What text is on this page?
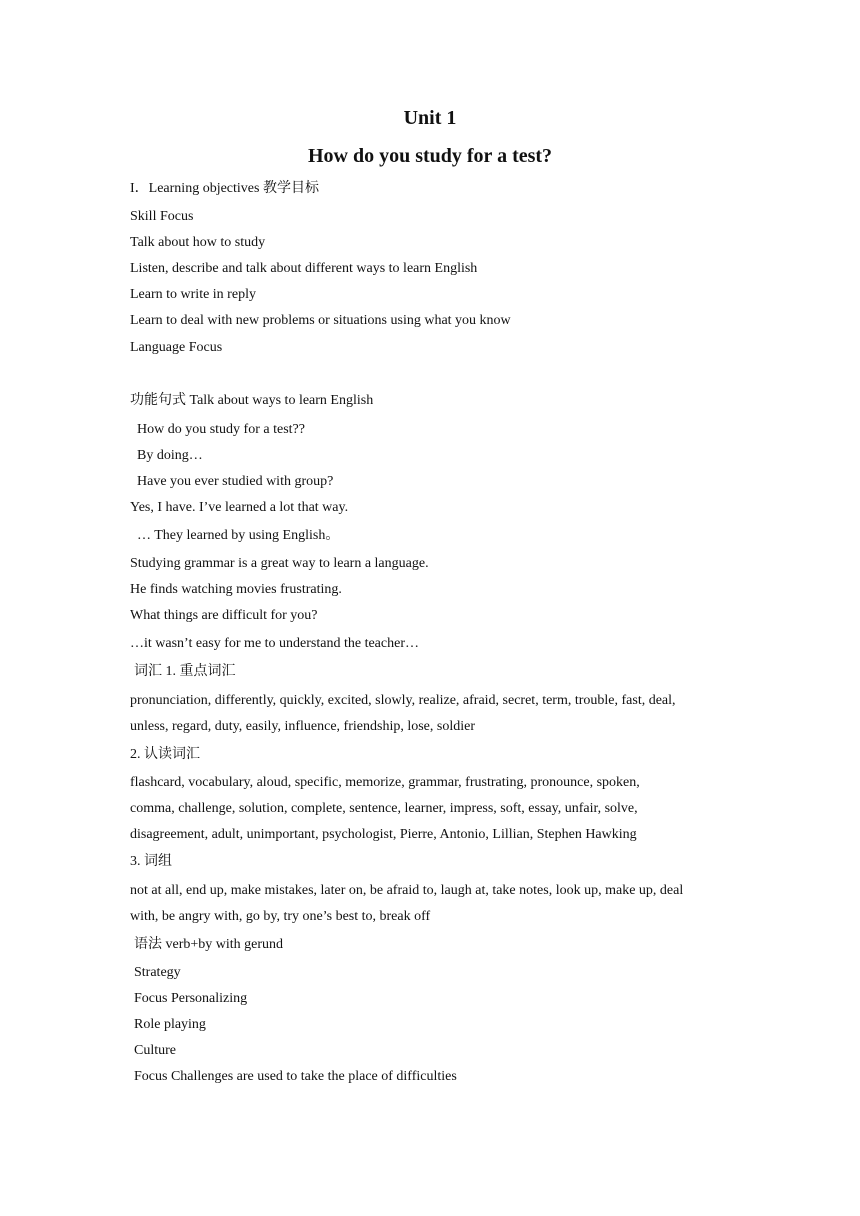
Unit 1
How do you study for a test?

I．Learning objectives 教学目标

Skill Focus

Talk about how to study

Listen, describe and talk about different ways to learn English

Learn to write in reply

Learn to deal with new problems or situations using what you know

Language Focus

功能句式 Talk about ways to learn English

How do you study for a test??

By doing…

Have you ever studied with group?

Yes, I have. I’ve learned a lot that way.

… They learned by using English。

Studying grammar is a great way to learn a language.

He finds watching movies frustrating.

What things are difficult for you?

…it wasn’t easy for me to understand the teacher…

词汇 1. 重点词汇

pronunciation, differently, quickly, excited, slowly, realize, afraid, secret, term, trouble, fast, deal,

unless, regard, duty, easily, influence, friendship, lose, soldier

2. 认读词汇

flashcard, vocabulary, aloud, specific, memorize, grammar, frustrating, pronounce, spoken,

comma, challenge, solution, complete, sentence, learner, impress, soft, essay, unfair, solve,

disagreement, adult, unimportant, psychologist, Pierre, Antonio, Lillian, Stephen Hawking

3. 词组

not at all, end up, make mistakes, later on, be afraid to, laugh at, take notes, look up, make up, deal

with, be angry with, go by, try one’s best to, break off

语法 verb+by with gerund

Strategy

Focus Personalizing

Role playing

Culture

Focus Challenges are used to take the place of difficulties
